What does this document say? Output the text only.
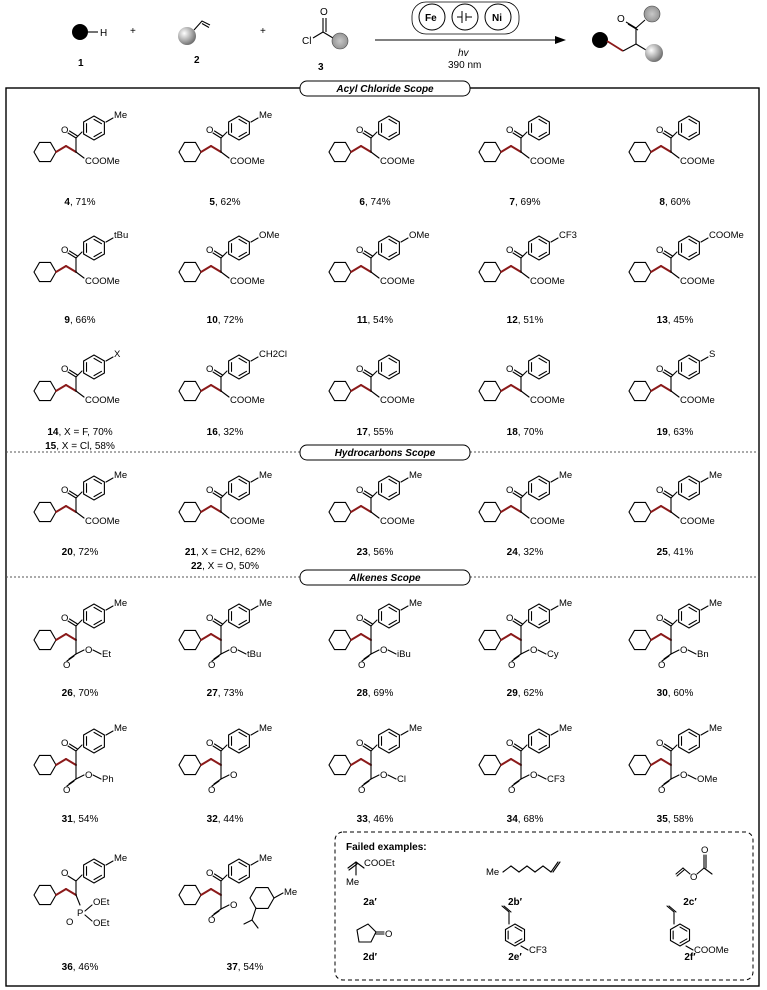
H
1
+
2
+
Cl
O
3
Fe	Ni
hv
390 nm
O
Acyl Chloride Scope
Hydrocarbons Scope
Alkenes Scope
Failed examples:
O
Me
COOMe
O
Me
COOMe
O
COOMe
O
COOMe
O
COOMe
O
tBu
COOMe
O
OMe
COOMe
O
OMe
COOMe
O
CF3
COOMe
O
COOMe
COOMe
O
X
COOMe
O
CH2Cl
COOMe
O
COOMe
O
COOMe
O
S
COOMe
O
Me
COOMe
O
Me
COOMe
O
Me
COOMe
O
Me
COOMe
O
Me
COOMe
O
Me
O
O Et
O
Me
O
O tBu
O
Me
O
O iBu
O
Me
O
O Cy
O
Me
O
O Bn
O
Me
O
O Ph
O
Me
O
O
O
Me
O
O Cl
O
Me
O
O CF3
O
Me
O
O OMe
O
Me
P
OEt
OEt
O
O
Me
O
O
Me
COOEt
Me
Me	O
O
O
CF3	COOMe
4, 71%	5, 62%	6, 74%	7, 69%	8, 60%
9, 66%	10, 72%	11, 54%	12, 51%	13, 45%
14, X = F, 70%
15, X = Cl, 58%
16, 32%	17, 55%	18, 70%	19, 63%
20, 72%	21, X = CH2, 62%
22, X = O, 50%
23, 56%	24, 32%	25, 41%
26, 70%	27, 73%	28, 69%	29, 62%	30, 60%
31, 54%	32, 44%	33, 46%	34, 68%	35, 58%
36, 46%	37, 54%
2a′	2b′	2c′
2d′	2e′	2f′
